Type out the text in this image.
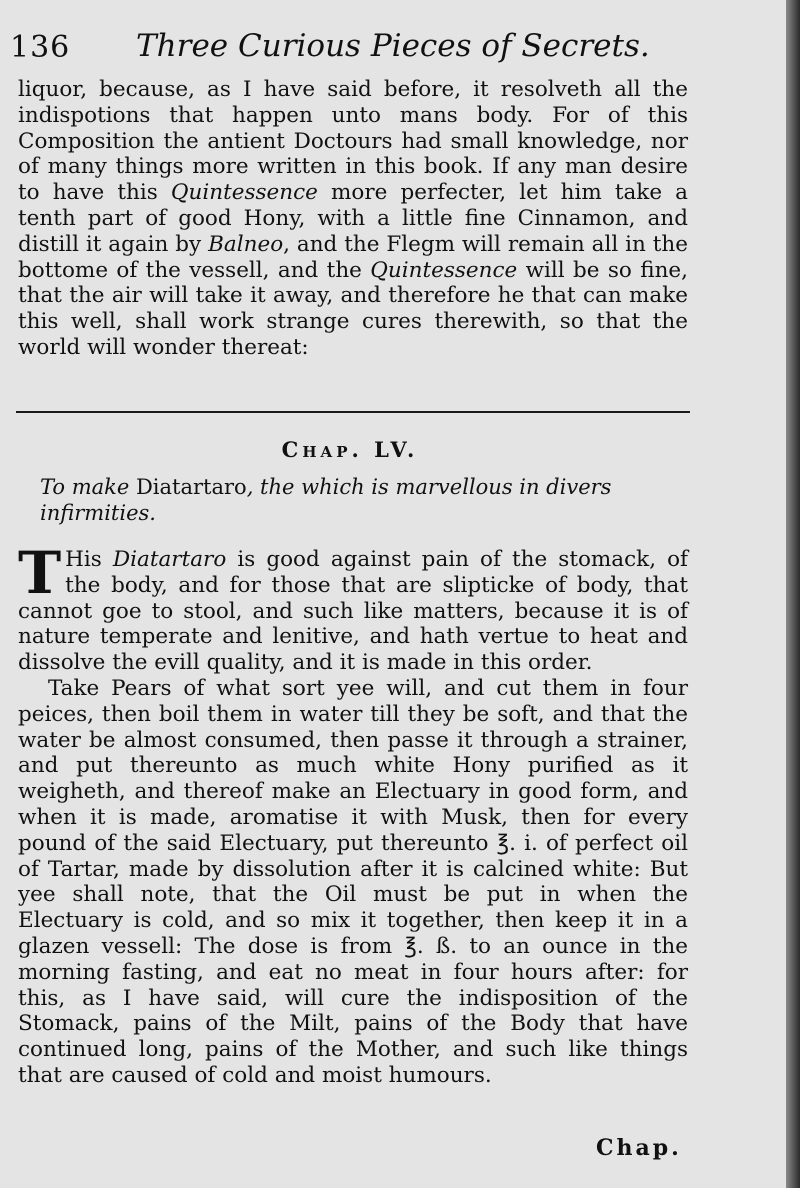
136 Three Curious Pieces of Secrets.
liquor, because, as I have said before, it resolveth all the indispotions that happen unto mans body. For of this Composition the antient Doctours had small knowledge, nor of many things more written in this book. If any man desire to have this Quintessence more perfecter, let him take a tenth part of good Hony, with a little fine Cinnamon, and distill it again by Balneo, and the Flegm will remain all in the bottome of the vessell, and the Quintessence will be so fine, that the air will take it away, and therefore he that can make this well, shall work strange cures therewith, so that the world will wonder thereat:
Chap. LV.
To make Diatartaro, the which is marvellous in divers infirmities.

T His Diatartaro is good against pain of the stomack, of the body, and for those that are slipticke of body, that cannot goe to stool, and such like matters, because it is of nature temperate and lenitive, and hath vertue to heat and dissolve the evill quality, and it is made in this order.

Take Pears of what sort yee will, and cut them in four peices, then boil them in water till they be soft, and that the water be almost consumed, then passe it through a strainer, and put thereunto as much white Hony purified as it weigheth, and thereof make an Electuary in good form, and when it is made, aromatise it with Musk, then for every pound of the said Electuary, put thereunto ℥. i. of perfect oil of Tartar, made by dissolution after it is calcined white: But yee shall note, that the Oil must be put in when the Electuary is cold, and so mix it together, then keep it in a glazen vessell: The dose is from ℥. ß. to an ounce in the morning fasting, and eat no meat in four hours after: for this, as I have said, will cure the indisposition of the Stomack, pains of the Milt, pains of the Body that have continued long, pains of the Mother, and such like things that are caused of cold and moist humours.

Chap.
